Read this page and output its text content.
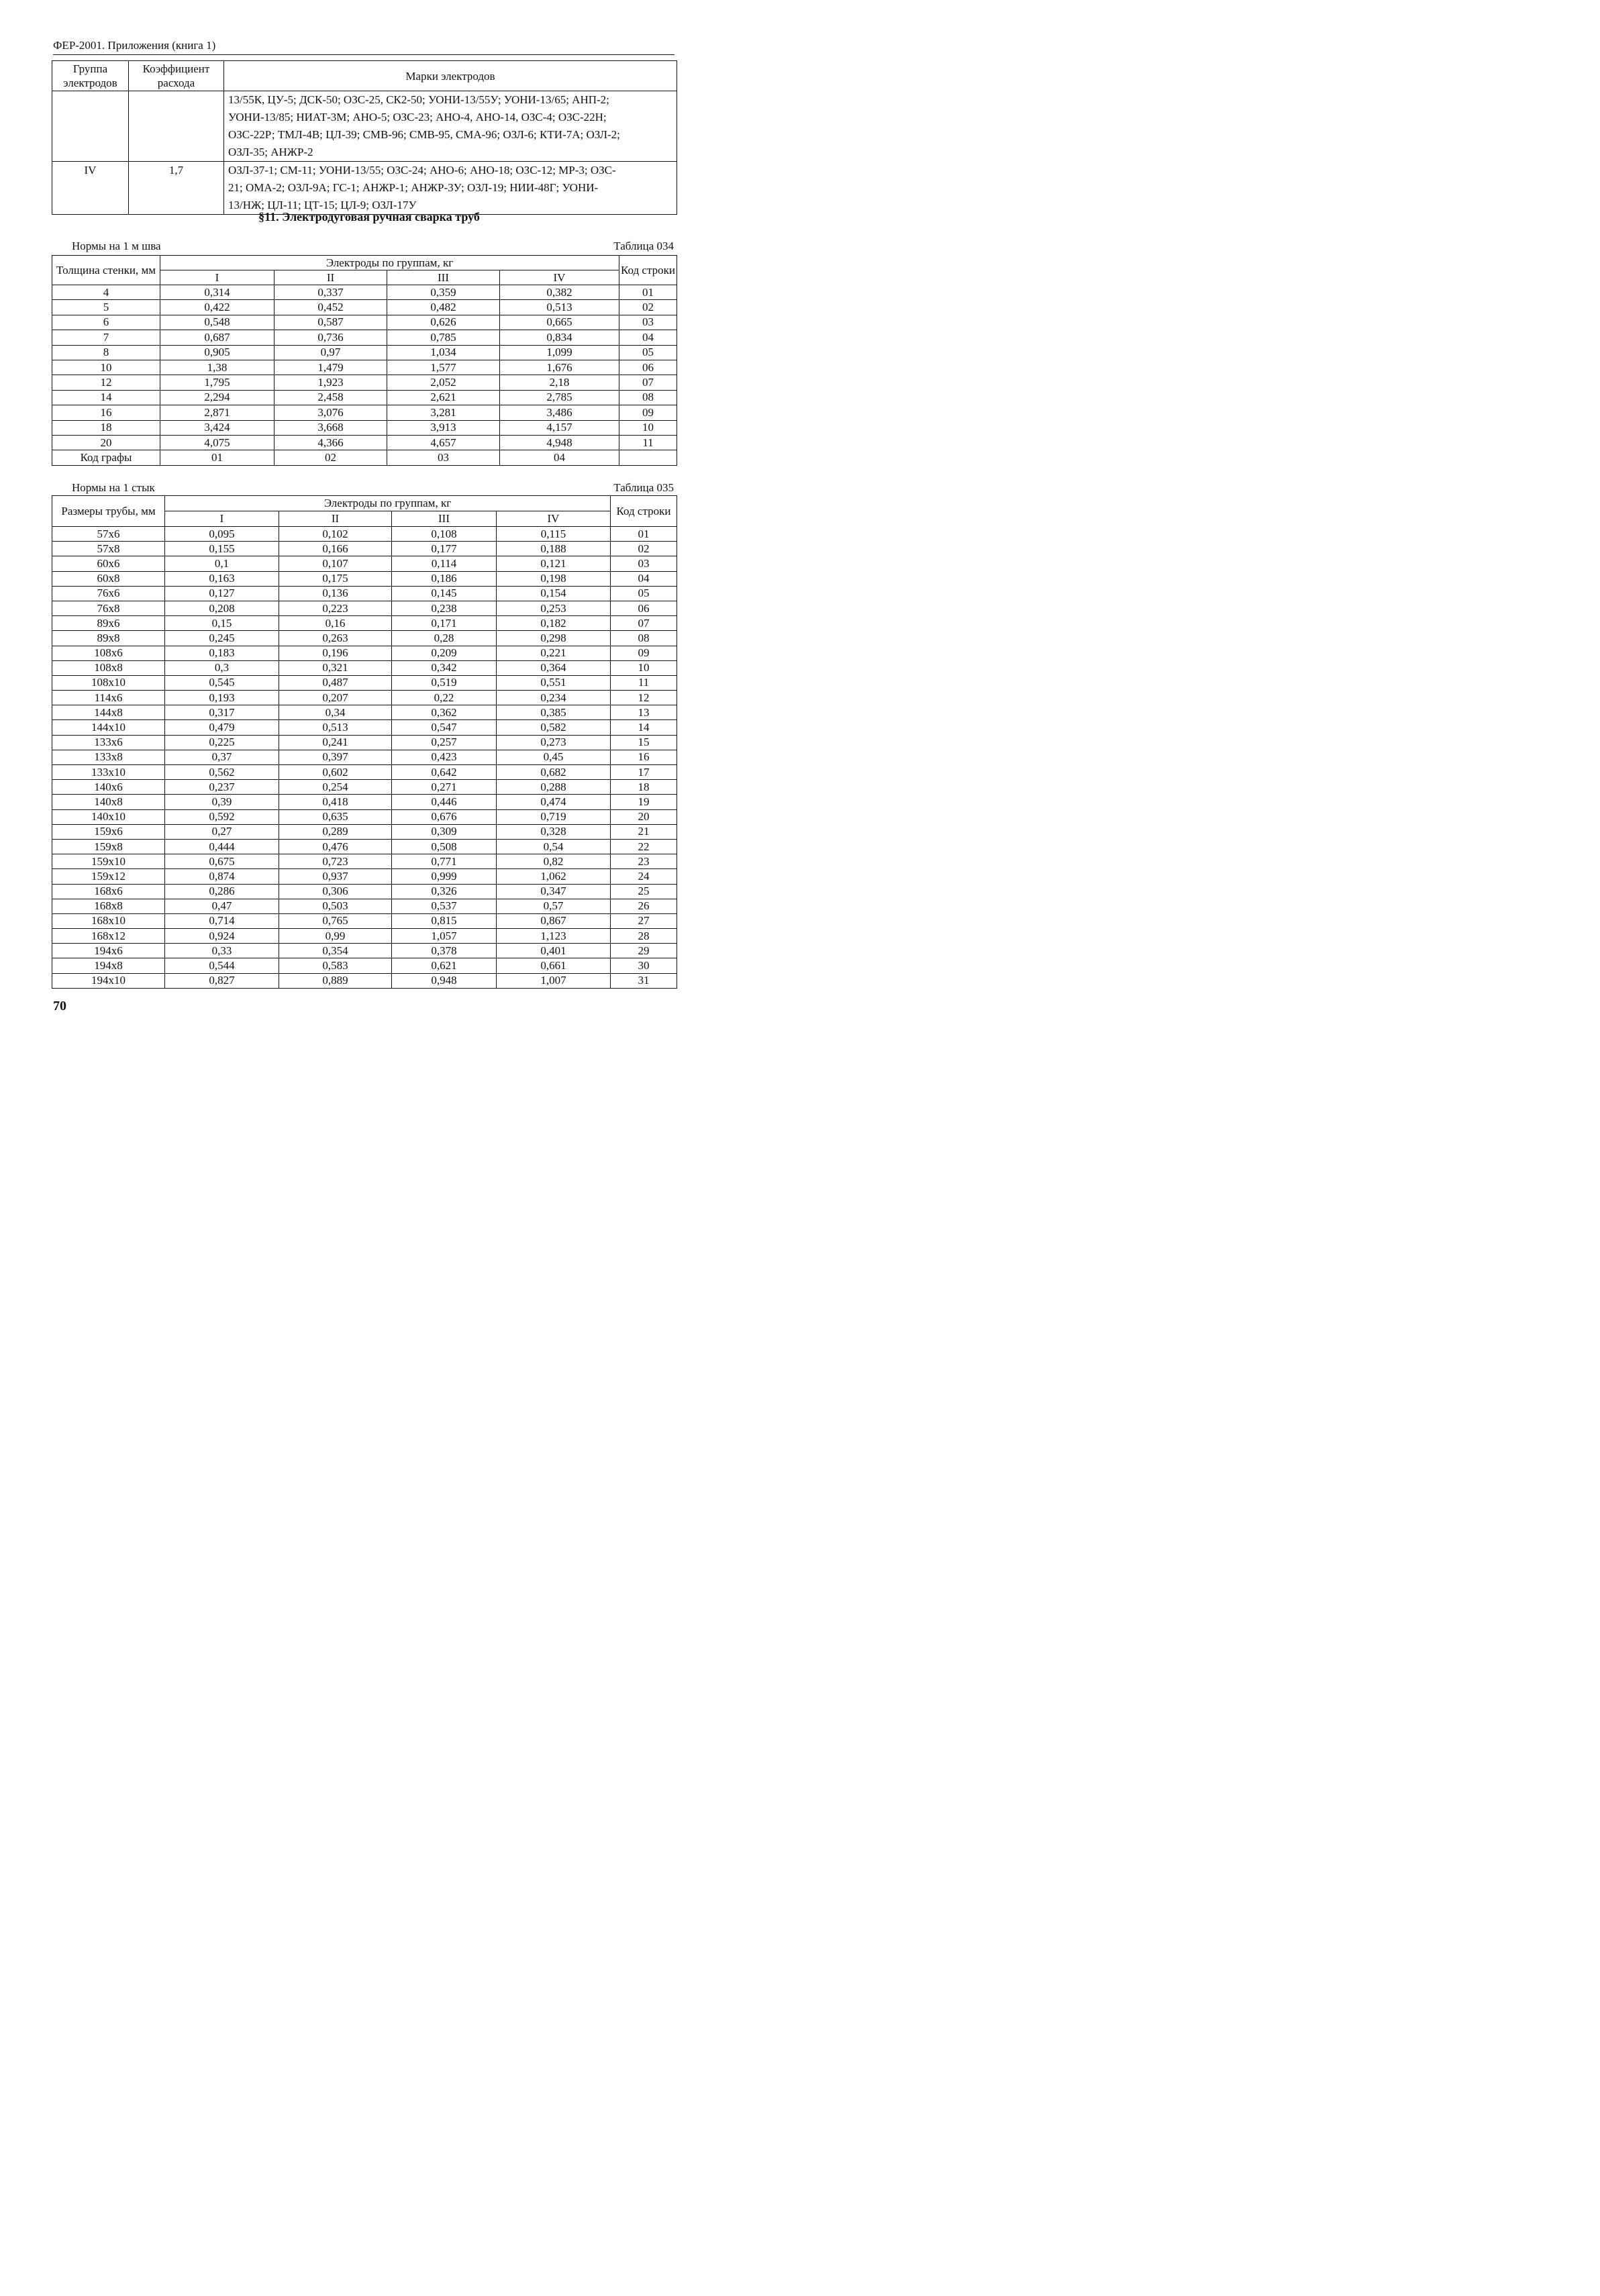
ФЕР-2001. Приложения (книга 1)
Группа электродов	Коэффициент расхода	Марки электродов

		13/55К, ЦУ-5; ДСК-50; ОЗС-25, СК2-50; УОНИ-13/55У; УОНИ-13/65; АНП-2;
УОНИ-13/85; НИАТ-3М; АНО-5; ОЗС-23; АНО-4, АНО-14, ОЗС-4; ОЗС-22Н;
ОЗС-22Р; ТМЛ-4В; ЦЛ-39; СМВ-96; СМВ-95, СМА-96; ОЗЛ-6; КТИ-7А; ОЗЛ-2;
ОЗЛ-35; АНЖР-2

IV	1,7	ОЗЛ-37-1; СМ-11; УОНИ-13/55; ОЗС-24; АНО-6; АНО-18; ОЗС-12; МР-3; ОЗС-
21; ОМА-2; ОЗЛ-9А; ГС-1; АНЖР-1; АНЖР-3У; ОЗЛ-19; НИИ-48Г; УОНИ-
13/НЖ; ЦЛ-11; ЦТ-15; ЦЛ-9; ОЗЛ-17У
§11. Электродуговая ручная сварка труб
Нормы на 1 м шва	Таблица 034
Толщина стенки, мм	Электроды по группам, кг				Код строки
	I	II	III	IV	
4	0,314	0,337	0,359	0,382	01
5	0,422	0,452	0,482	0,513	02
6	0,548	0,587	0,626	0,665	03
7	0,687	0,736	0,785	0,834	04
8	0,905	0,97	1,034	1,099	05
10	1,38	1,479	1,577	1,676	06
12	1,795	1,923	2,052	2,18	07
14	2,294	2,458	2,621	2,785	08
16	2,871	3,076	3,281	3,486	09
18	3,424	3,668	3,913	4,157	10
20	4,075	4,366	4,657	4,948	11
Код графы	01	02	03	04	
Нормы на 1 стык	Таблица 035
Размеры трубы, мм	Электроды по группам, кг				Код строки
	I	II	III	IV	
57x6	0,095	0,102	0,108	0,115	01
57x8	0,155	0,166	0,177	0,188	02
60x6	0,1	0,107	0,114	0,121	03
60x8	0,163	0,175	0,186	0,198	04
76x6	0,127	0,136	0,145	0,154	05
76x8	0,208	0,223	0,238	0,253	06
89x6	0,15	0,16	0,171	0,182	07
89x8	0,245	0,263	0,28	0,298	08
108x6	0,183	0,196	0,209	0,221	09
108x8	0,3	0,321	0,342	0,364	10
108x10	0,545	0,487	0,519	0,551	11
114x6	0,193	0,207	0,22	0,234	12
144x8	0,317	0,34	0,362	0,385	13
144x10	0,479	0,513	0,547	0,582	14
133x6	0,225	0,241	0,257	0,273	15
133x8	0,37	0,397	0,423	0,45	16
133x10	0,562	0,602	0,642	0,682	17
140x6	0,237	0,254	0,271	0,288	18
140x8	0,39	0,418	0,446	0,474	19
140x10	0,592	0,635	0,676	0,719	20
159x6	0,27	0,289	0,309	0,328	21
159x8	0,444	0,476	0,508	0,54	22
159x10	0,675	0,723	0,771	0,82	23
159x12	0,874	0,937	0,999	1,062	24
168x6	0,286	0,306	0,326	0,347	25
168x8	0,47	0,503	0,537	0,57	26
168x10	0,714	0,765	0,815	0,867	27
168x12	0,924	0,99	1,057	1,123	28
194x6	0,33	0,354	0,378	0,401	29
194x8	0,544	0,583	0,621	0,661	30
194x10	0,827	0,889	0,948	1,007	31
70
